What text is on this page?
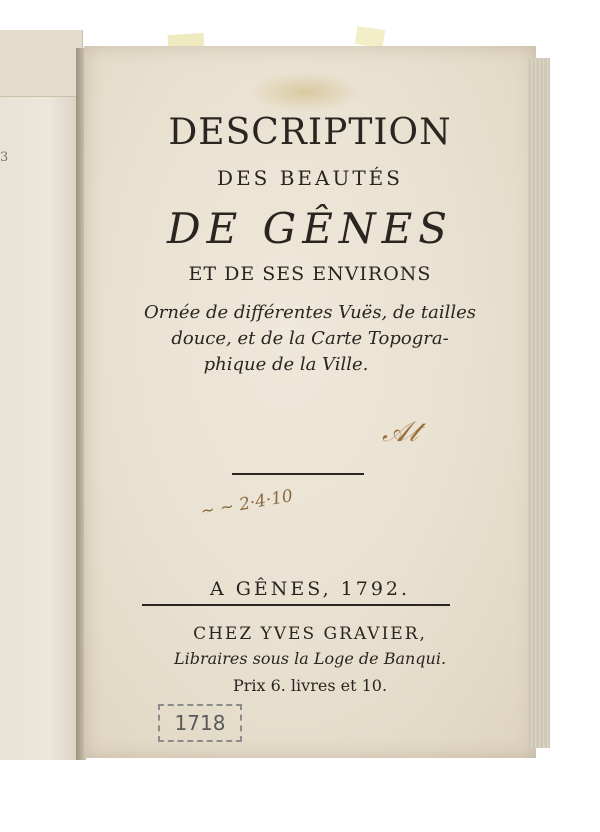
3

DESCRIPTION

DES BEAUTÉS

DE GÊNES

ET DE SES ENVIRONS

Ornée de différentes Vuës, de tailles

douce, et de la Carte Topogra-

phique de la Ville.

𝒜𝓉
~ ~ 2·4·10

A GÊNES, 1792.

CHEZ YVES GRAVIER,

Libraires sous la Loge de Banqui.

Prix 6. livres et 10.

1718
